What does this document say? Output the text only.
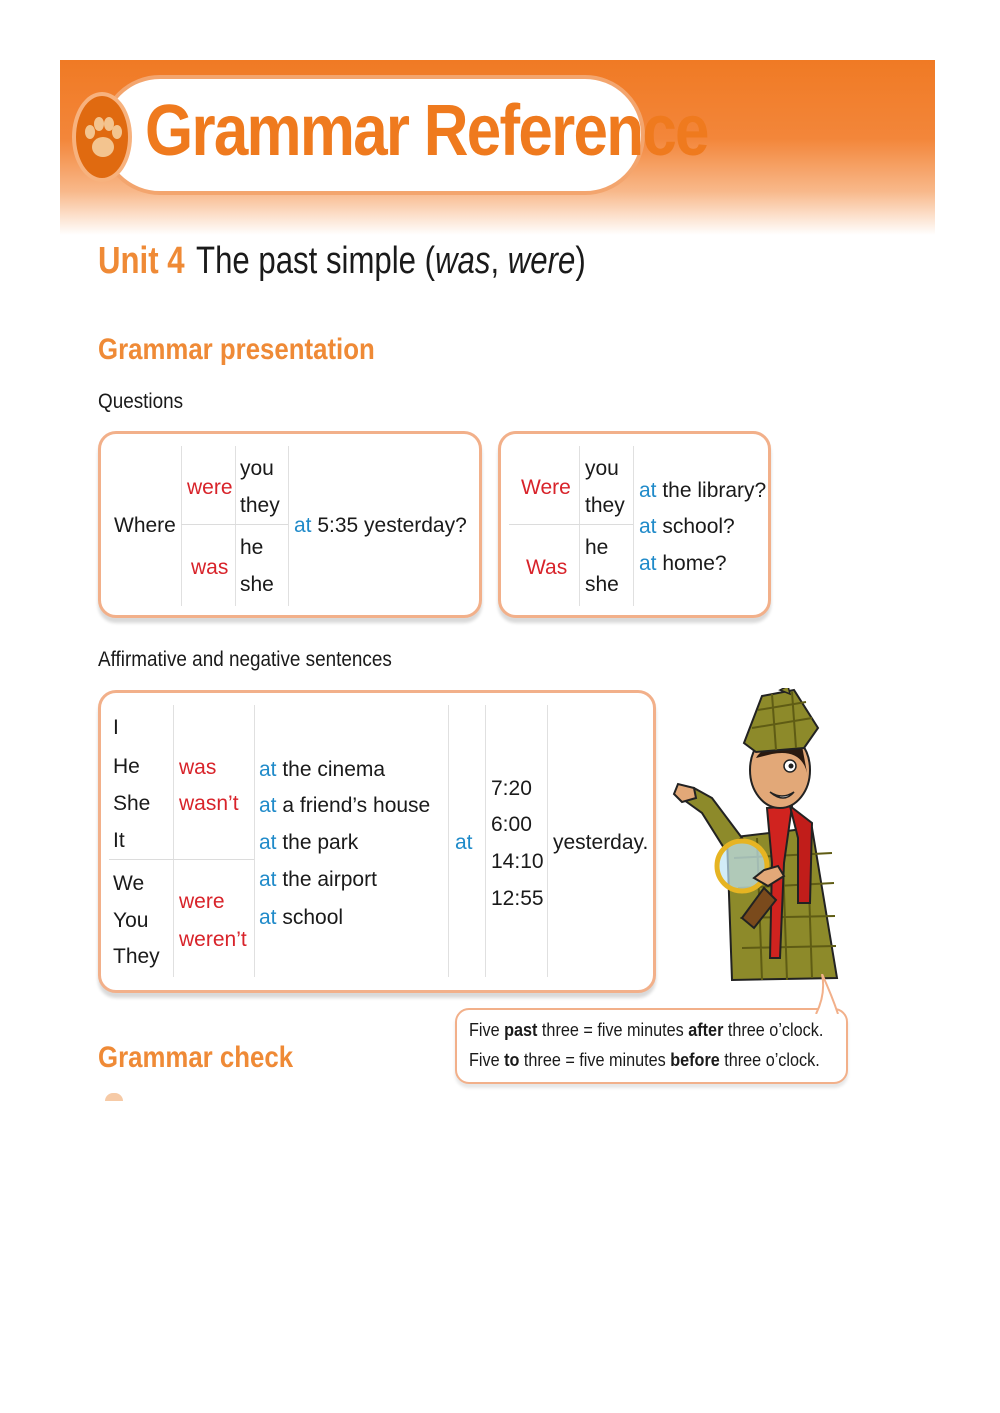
Grammar Reference
Unit 4 The past simple (was, were)
Grammar presentation
Questions
Where
were
you
they
was
he
she
at 5:35 yesterday?
Were
you
they
Was
he
she
at the library?
at school?
at home?
Affirmative and negative sentences
I
He
She
It
was
wasn’t
We
You
They
were
weren’t
at the cinema
at a friend’s house
at the park
at the airport
at school
at
7:20
6:00
14:10
12:55
yesterday.
Five past three = five minutes after three o’clock.
Five to three = five minutes before three o’clock.
Grammar check
